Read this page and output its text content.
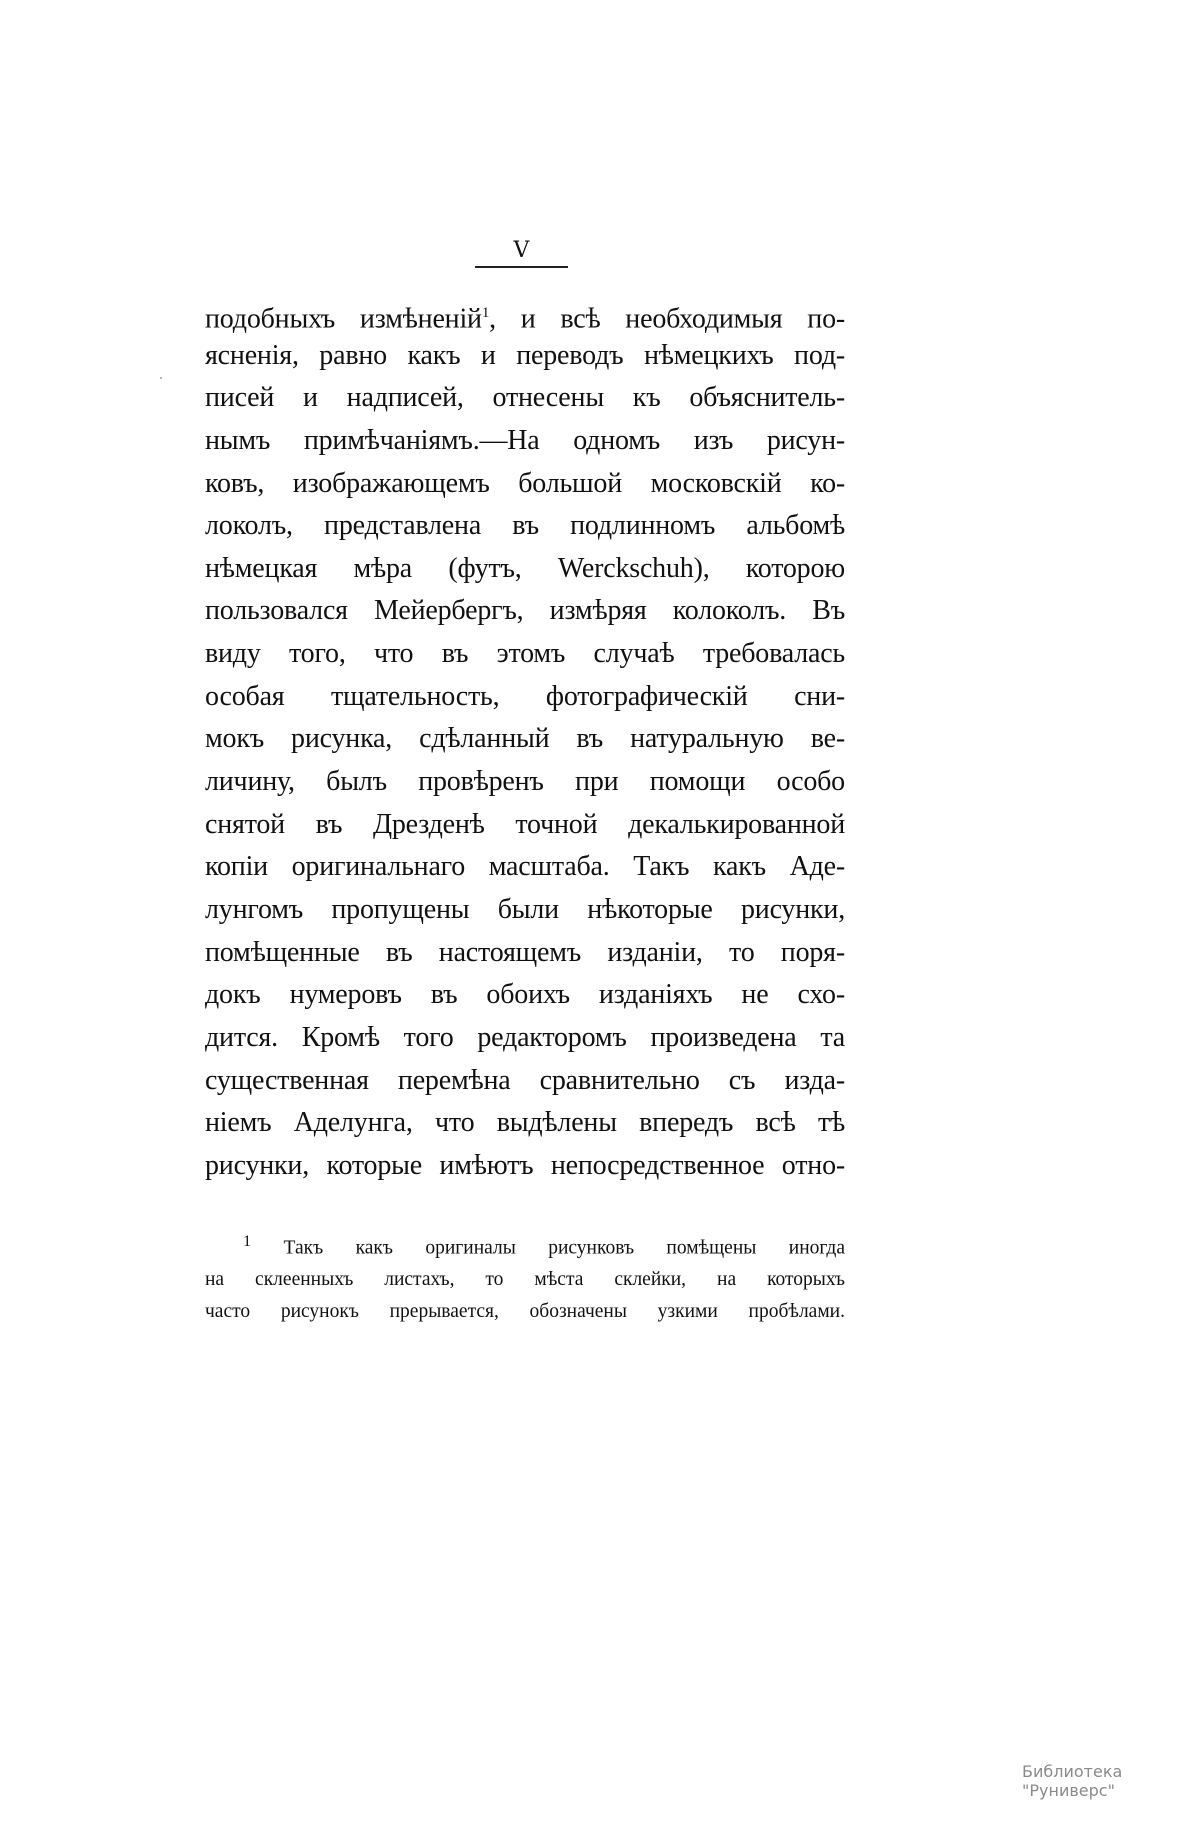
V
подобныхъ измѣненій$^1$, и всѣ необходимыя по-
ясненія, равно какъ и переводъ нѣмецкихъ под-
писей и надписей, отнесены къ объяснитель-
нымъ примѣчаніямъ.—На одномъ изъ рисун-
ковъ, изображающемъ большой московскій ко-
локолъ, представлена въ подлинномъ альбомѣ
нѣмецкая мѣра (футъ, Werckschuh), которою
пользовался Мейербергъ, измѣряя колоколъ. Въ
виду того, что въ этомъ случаѣ требовалась
особая тщательность, фотографическій сни-
мокъ рисунка, сдѣланный въ натуральную ве-
личину, былъ провѣренъ при помощи особо
снятой въ Дрезденѣ точной декалькированной
копіи оригинальнаго масштаба. Такъ какъ Аде-
лунгомъ пропущены были нѣкоторые рисунки,
помѣщенные въ настоящемъ изданіи, то поря-
докъ нумеровъ въ обоихъ изданіяхъ не схо-
дится. Кромѣ того редакторомъ произведена та
существенная перемѣна сравнительно съ изда-
ніемъ Аделунга, что выдѣлены впередъ всѣ тѣ
рисунки, которые имѣютъ непосредственное отно-
$^1$ Такъ какъ оригиналы рисунковъ помѣщены иногда
на склеенныхъ листахъ, то мѣста склейки, на которыхъ
часто рисунокъ прерывается, обозначены узкими пробѣлами.
Библиотека "Руниверс"
